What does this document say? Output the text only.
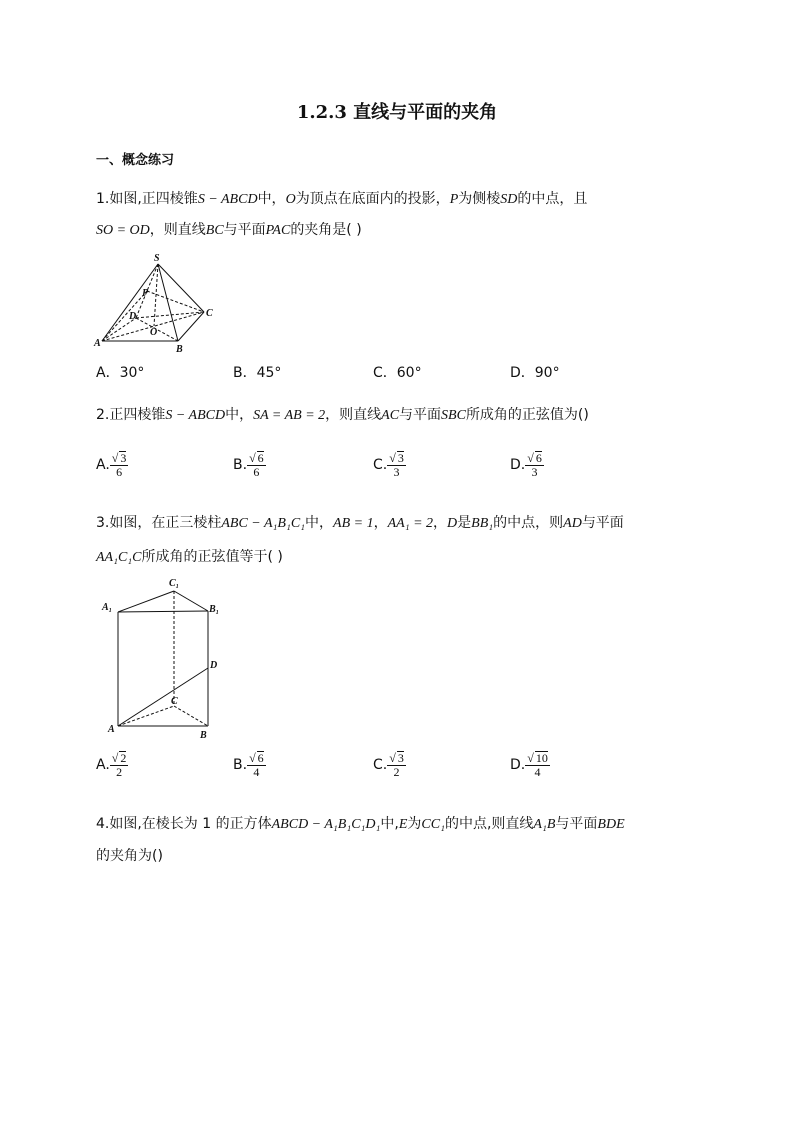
1.2.3 直线与平面的夹角
一、概念练习
1.如图,正四棱锥S − ABCD中，O为顶点在底面内的投影，P为侧棱SD的中点，且
SO = OD，则直线BC与平面PAC的夹角是( )
S
P
D	C
O
A
B
A．30°	B．45°	C．60°	D．90°
2.正四棱锥S − ABCD中，SA = AB = 2，则直线AC与平面SBC所成角的正弦值为()
A. $\frac{√ 3}{6}$	B. $\frac{√ 6}{6}$	C. $\frac{√ 3}{3}$	D. $\frac{√ 6}{3}$
3.如图，在正三棱柱ABC − A₁B₁C₁中，AB = 1，AA₁ = 2，D是BB₁的中点，则AD与平面
AA₁C₁C所成角的正弦值等于( )
C₁
A₁	B₁
D
C
A
B
A. $\frac{√ 2}{2}$	B. $\frac{√ 6}{4}$	C. $\frac{√ 3}{2}$	D. $\frac{√ 10}{4}$
4.如图,在棱长为 1 的正方体ABCD − A₁B₁C₁D₁中,E为CC₁的中点,则直线A₁B与平面BDE
的夹角为()
